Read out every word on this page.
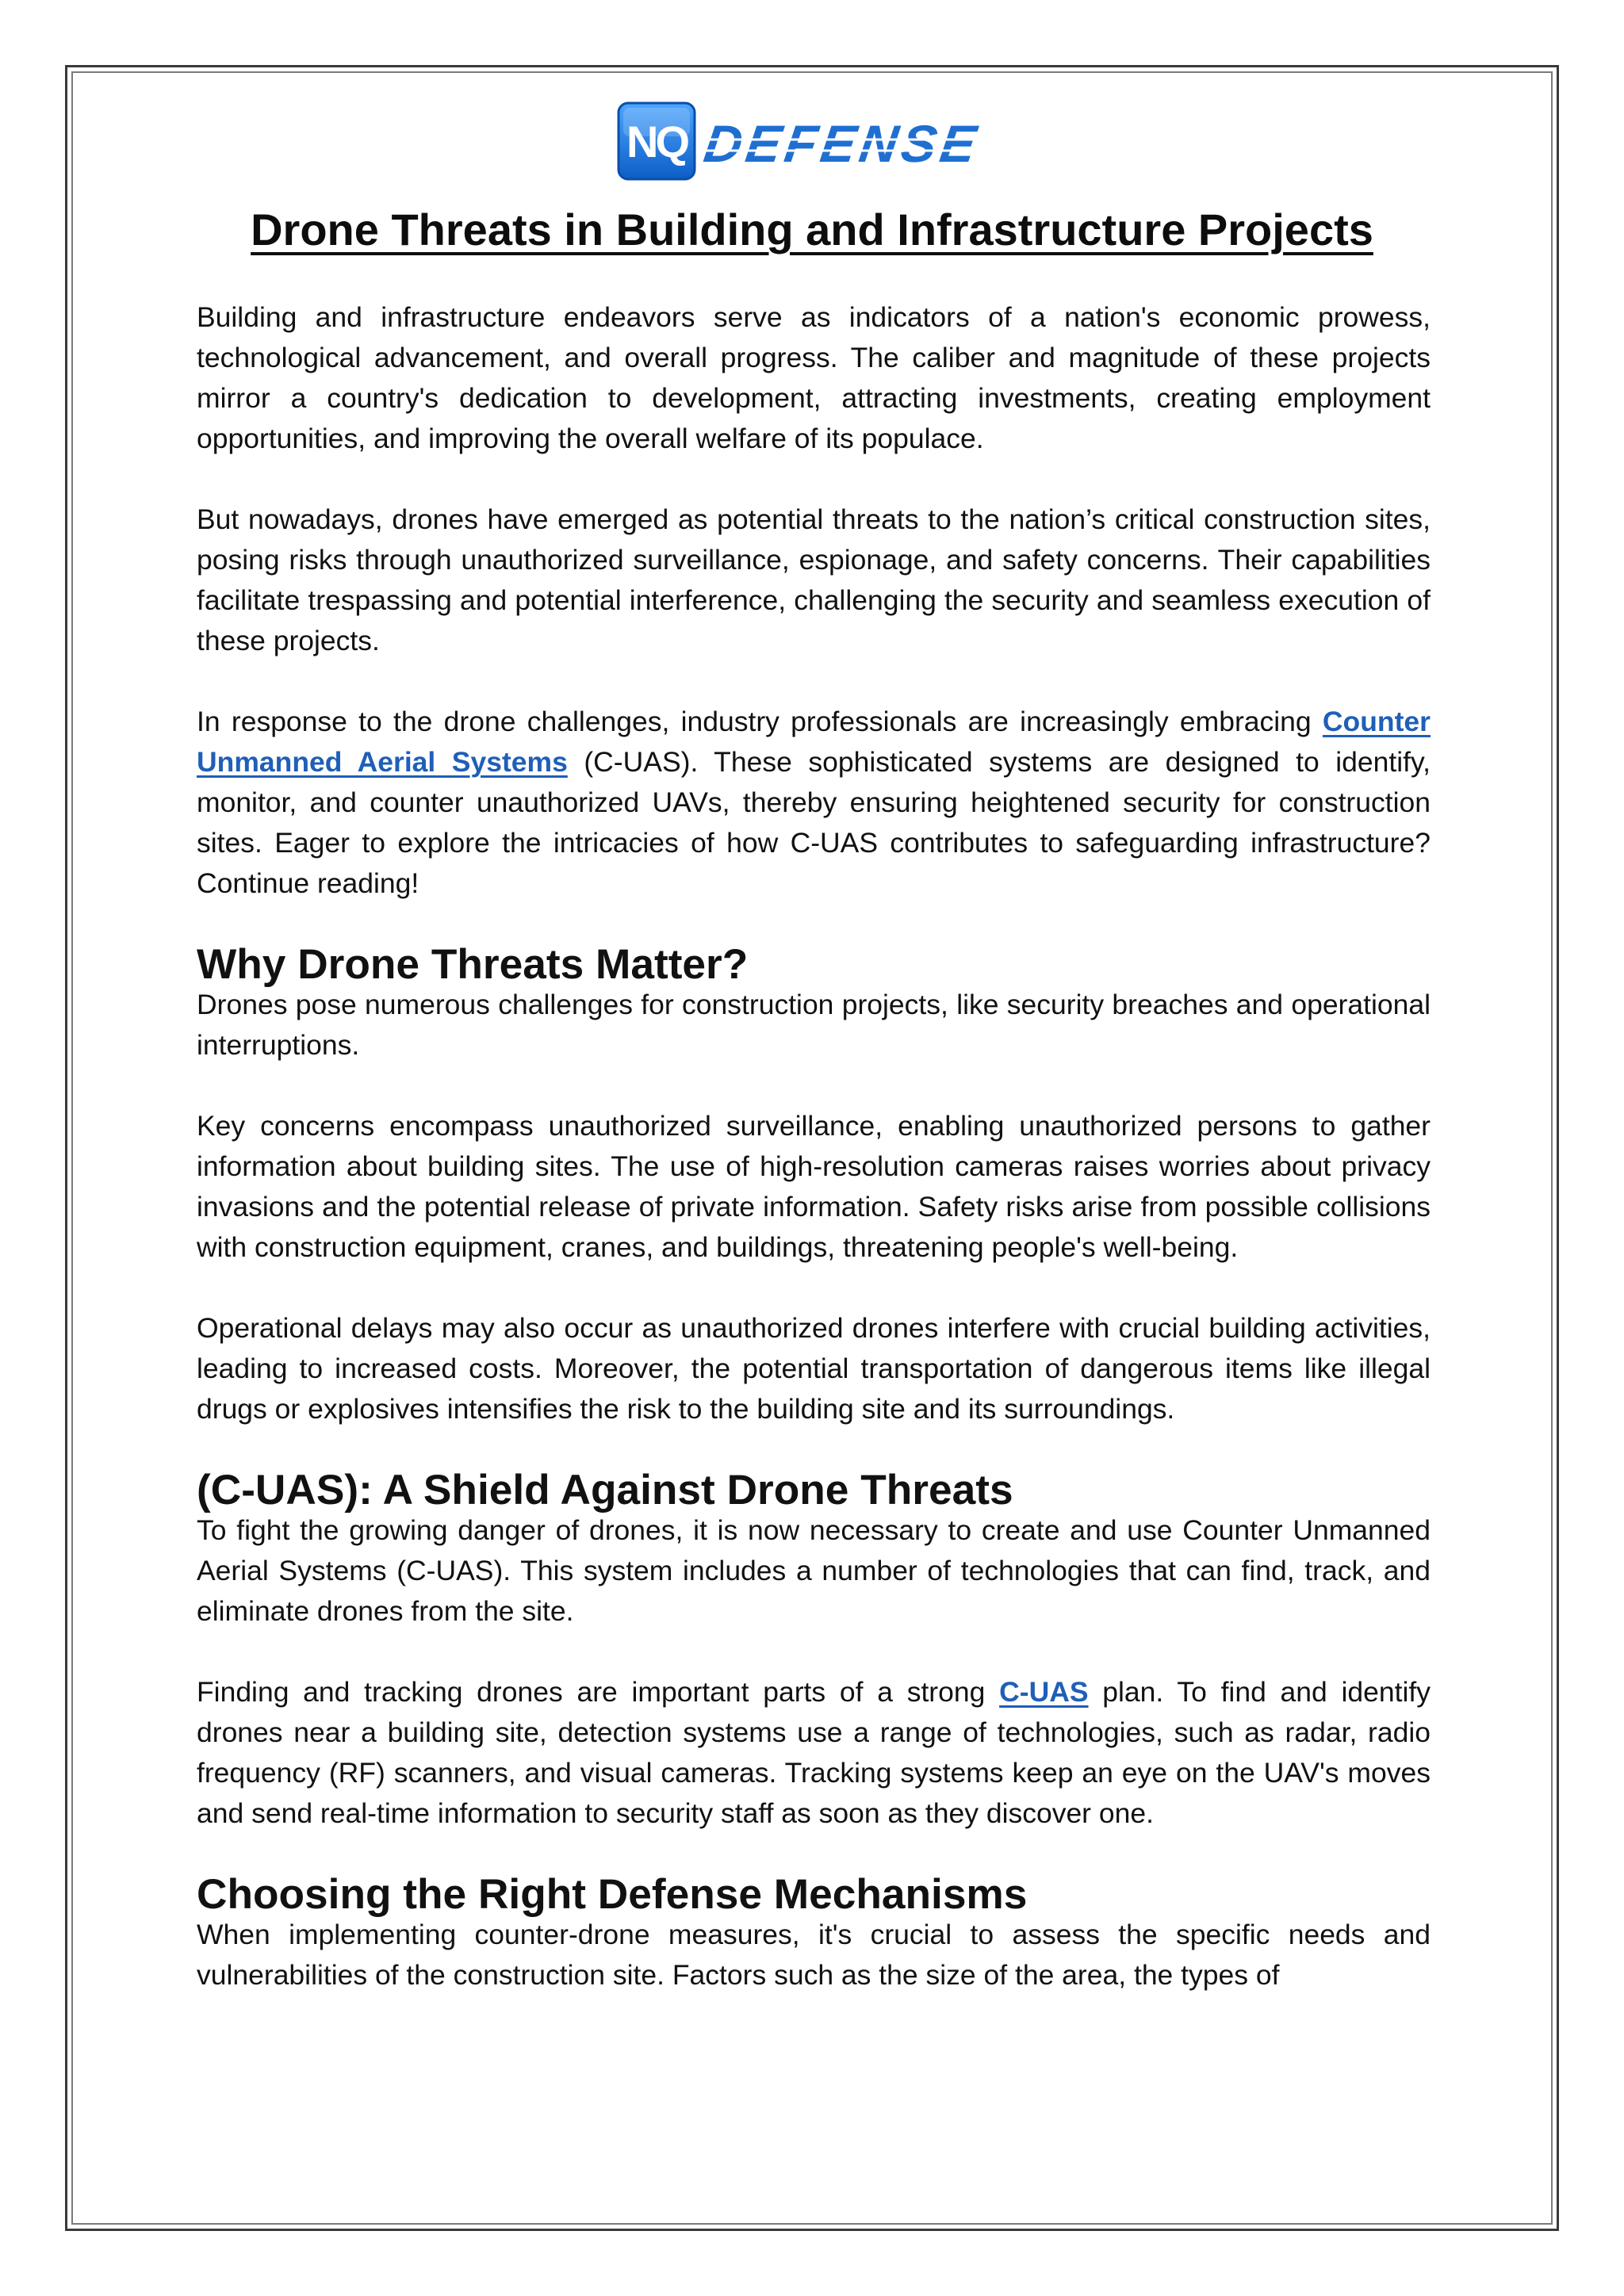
NQ DEFENSE
Drone Threats in Building and Infrastructure Projects

Building and infrastructure endeavors serve as indicators of a nation's economic prowess, technological advancement, and overall progress. The caliber and magnitude of these projects mirror a country's dedication to development, attracting investments, creating employment opportunities, and improving the overall welfare of its populace.

But nowadays, drones have emerged as potential threats to the nation’s critical construction sites, posing risks through unauthorized surveillance, espionage, and safety concerns. Their capabilities facilitate trespassing and potential interference, challenging the security and seamless execution of these projects.

In response to the drone challenges, industry professionals are increasingly embracing Counter Unmanned Aerial Systems (C-UAS). These sophisticated systems are designed to identify, monitor, and counter unauthorized UAVs, thereby ensuring heightened security for construction sites. Eager to explore the intricacies of how C-UAS contributes to safeguarding infrastructure? Continue reading!

Why Drone Threats Matter?

Drones pose numerous challenges for construction projects, like security breaches and operational interruptions.

Key concerns encompass unauthorized surveillance, enabling unauthorized persons to gather information about building sites. The use of high-resolution cameras raises worries about privacy invasions and the potential release of private information. Safety risks arise from possible collisions with construction equipment, cranes, and buildings, threatening people's well-being.

Operational delays may also occur as unauthorized drones interfere with crucial building activities, leading to increased costs. Moreover, the potential transportation of dangerous items like illegal drugs or explosives intensifies the risk to the building site and its surroundings.

(C-UAS): A Shield Against Drone Threats

To fight the growing danger of drones, it is now necessary to create and use Counter Unmanned Aerial Systems (C-UAS). This system includes a number of technologies that can find, track, and eliminate drones from the site.

Finding and tracking drones are important parts of a strong C-UAS plan. To find and identify drones near a building site, detection systems use a range of technologies, such as radar, radio frequency (RF) scanners, and visual cameras. Tracking systems keep an eye on the UAV's moves and send real-time information to security staff as soon as they discover one.

Choosing the Right Defense Mechanisms

When implementing counter-drone measures, it's crucial to assess the specific needs and vulnerabilities of the construction site. Factors such as the size of the area, the types of
